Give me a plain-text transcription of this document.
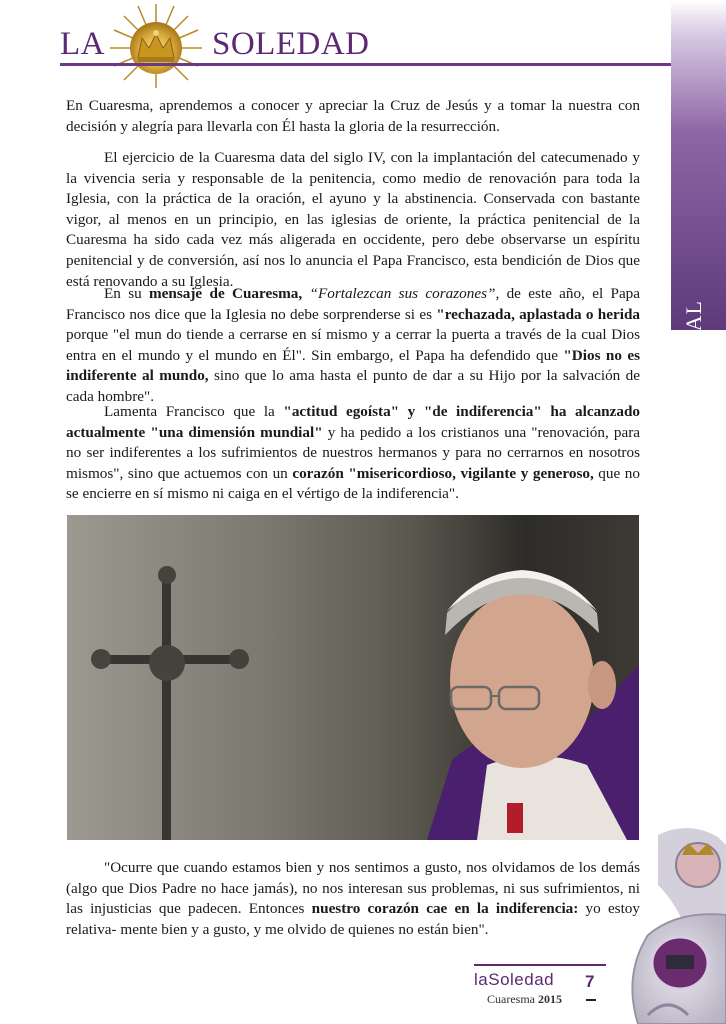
LA	SOLEDAD
DIRECTOR ESPIRITUAL

En Cuaresma, aprendemos a conocer y apreciar la Cruz de Jesús y a tomar la nuestra con decisión y alegría para llevarla con Él hasta la gloria de la resurrección.

El ejercicio de la Cuaresma data del siglo IV, con la implantación del catecumenado y la vivencia seria y responsable de la penitencia, como medio de renovación para toda la Iglesia, con la práctica de la oración, el ayuno y la abstinencia. Conservada con bastante vigor, al menos en un principio, en las iglesias de oriente, la práctica penitencial de la Cuaresma ha sido cada vez más aligerada en occidente, pero debe observarse un espíritu penitencial y de conversión, así nos lo anuncia el Papa Francisco, esta bendición de Dios que está renovando a su Iglesia.

En su mensaje de Cuaresma, “Fortalezcan sus corazones”, de este año, el Papa Francisco nos dice que la Iglesia no debe sorprenderse si es "rechazada, aplastada o herida porque "el mun do tiende a cerrarse en sí mismo y a cerrar la puerta a través de la cual Dios entra en el mundo y el mundo en Él". Sin embargo, el Papa ha defendido que "Dios no es indiferente al mundo, sino que lo ama hasta el punto de dar a su Hijo por la salvación de cada hombre".

Lamenta Francisco que la "actitud egoísta" y "de indiferencia" ha alcanzado actualmente "una dimensión mundial" y ha pedido a los cristianos una "renovación, para no ser indiferentes a los sufrimientos de nuestros hermanos y para no cerrarnos en nosotros mismos", sino que actuemos con un corazón "misericordioso, vigilante y generoso, que no se encierre en sí mismo ni caiga en el vértigo de la indiferencia".

"Ocurre que cuando estamos bien y nos sentimos a gusto, nos olvidamos de los demás (algo que Dios Padre no hace jamás), no nos interesan sus problemas, ni sus sufrimientos, ni las injusticias que padecen. Entonces nuestro corazón cae en la indiferencia: yo estoy relativa- mente bien y a gusto, y me olvido de quienes no están bien".

laSoledad 7
Cuaresma 2015
